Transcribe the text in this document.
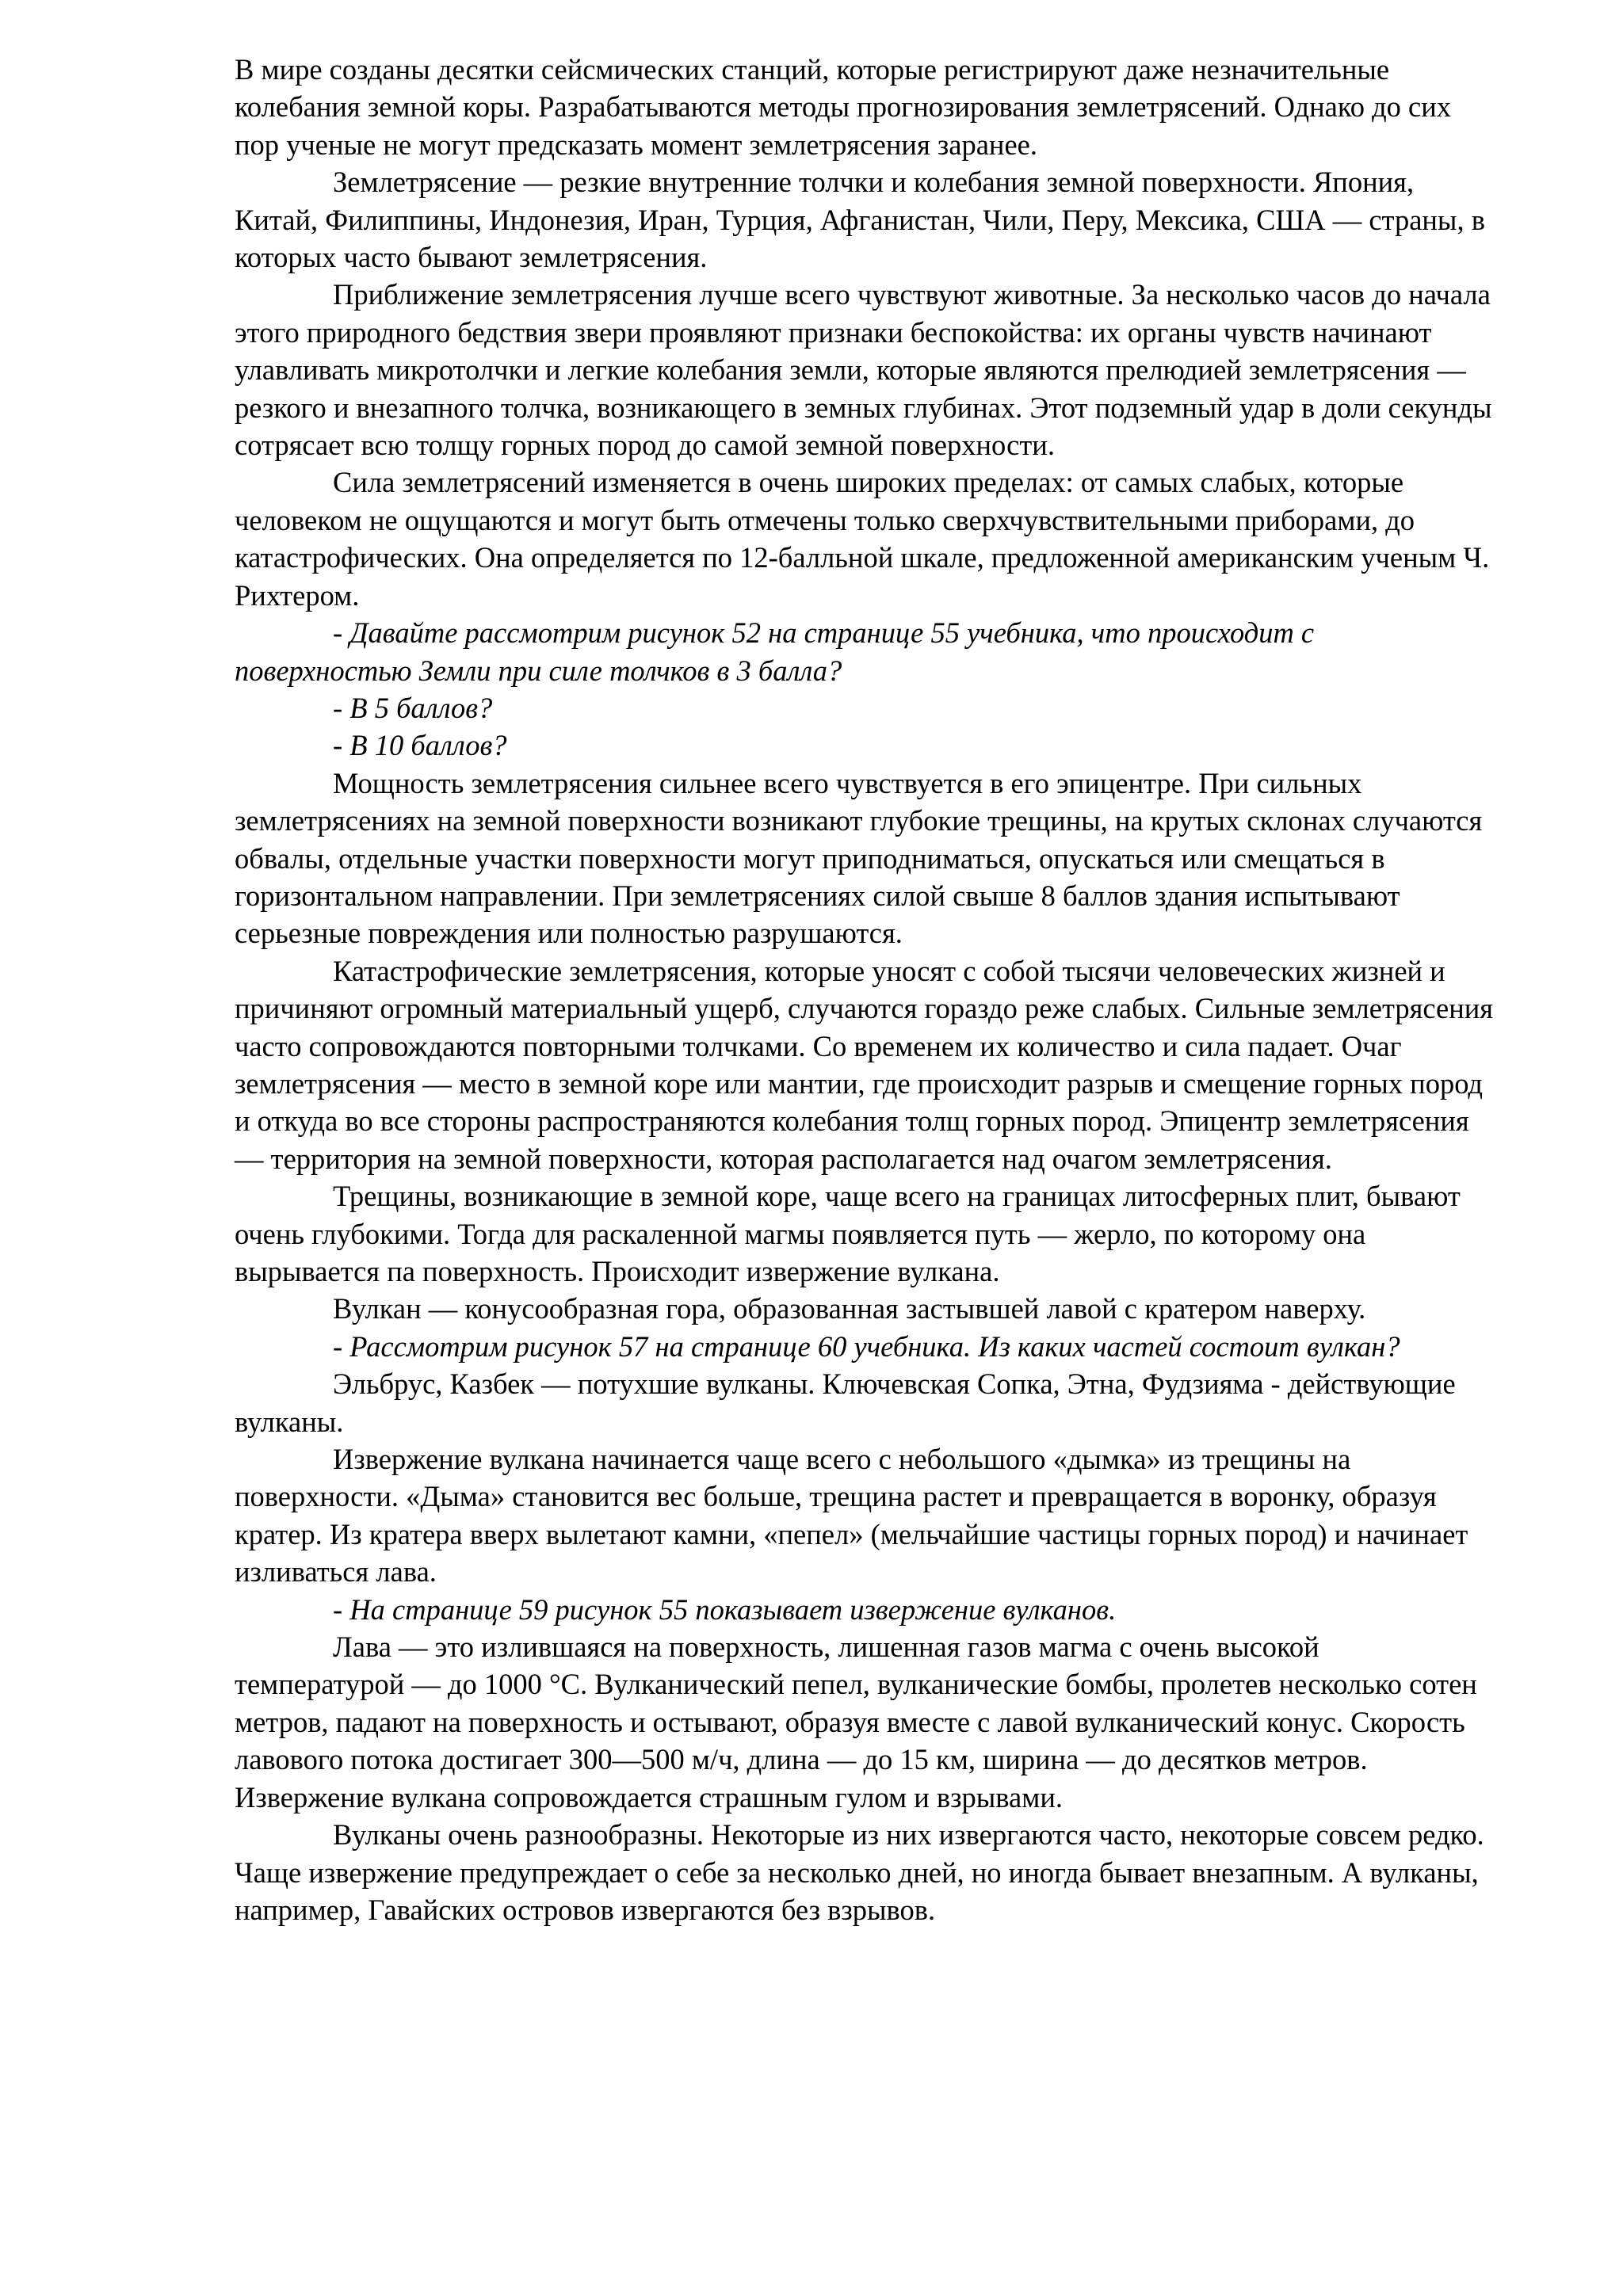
В мире созданы десятки сейсмических станций, которые регистрируют даже незначительные колебания земной коры. Разрабатываются методы прогнозирования землетрясений. Однако до сих пор ученые не могут предсказать момент землетрясения заранее.

Землетрясение — резкие внутренние толчки и колебания земной поверхности. Япония, Китай, Филиппины, Индонезия, Иран, Турция, Афганистан, Чили, Перу, Мексика, США — страны, в которых часто бывают землетрясения.

Приближение землетрясения лучше всего чувствуют животные. За несколько часов до начала этого природного бедствия звери проявляют признаки беспокойства: их органы чувств начинают улавливать микротолчки и легкие колебания земли, которые являются прелюдией землетрясения — резкого и внезапного толчка, возникающего в земных глубинах. Этот подземный удар в доли секунды сотрясает всю толщу горных пород до самой земной поверхности.

Сила землетрясений изменяется в очень широких пределах: от самых слабых, которые человеком не ощущаются и могут быть отмечены только сверхчувствительными приборами, до катастрофических. Она определяется по 12-балльной шкале, предложенной американским ученым Ч. Рихтером.

- Давайте рассмотрим рисунок 52 на странице 55 учебника, что происходит с поверхностью Земли при силе толчков в 3 балла?

- В 5 баллов?

- В 10 баллов?

Мощность землетрясения сильнее всего чувствуется в его эпицентре. При сильных землетрясениях на земной поверхности возникают глубокие трещины, на крутых склонах случаются обвалы, отдельные участки поверхности могут приподниматься, опускаться или смещаться в горизонтальном направлении. При землетрясениях силой свыше 8 баллов здания испытывают серьезные повреждения или полностью разрушаются.

Катастрофические землетрясения, которые уносят с собой тысячи человеческих жизней и причиняют огромный материальный ущерб, случаются гораздо реже слабых. Сильные землетрясения часто сопровождаются повторными толчками. Со временем их количество и сила падает. Очаг землетрясения — место в земной коре или мантии, где происходит разрыв и смещение горных пород и откуда во все стороны распространяются колебания толщ горных пород. Эпицентр землетрясения — территория на земной поверхности, которая располагается над очагом землетрясения.

Трещины, возникающие в земной коре, чаще всего на границах литосферных плит, бывают очень глубокими. Тогда для раскаленной магмы появляется путь — жерло, по которому она вырывается па поверхность. Происходит извержение вулкана.

Вулкан — конусообразная гора, образованная застывшей лавой с кратером наверху.

- Рассмотрим рисунок 57 на странице 60 учебника. Из каких частей состоит вулкан?

Эльбрус, Казбек — потухшие вулканы. Ключевская Сопка, Этна, Фудзияма - действующие вулканы.

Извержение вулкана начинается чаще всего с небольшого «дымка» из трещины на поверхности. «Дыма» становится вес больше, трещина растет и превращается в воронку, образуя кратер. Из кратера вверх вылетают камни, «пепел» (мельчайшие частицы горных пород) и начинает изливаться лава.

- На странице 59 рисунок 55 показывает извержение вулканов.

Лава — это излившаяся на поверхность, лишенная газов магма с очень высокой температурой — до 1000 °С. Вулканический пепел, вулканические бомбы, пролетев несколько сотен метров, падают на поверхность и остывают, образуя вместе с лавой вулканический конус. Скорость лавового потока достигает 300—500 м/ч, длина — до 15 км, ширина — до десятков метров. Извержение вулкана сопровождается страшным гулом и взрывами.

Вулканы очень разнообразны. Некоторые из них извергаются часто, некоторые совсем редко. Чаще извержение предупреждает о себе за несколько дней, но иногда бывает внезапным. А вулканы, например, Гавайских островов извергаются без взрывов.
